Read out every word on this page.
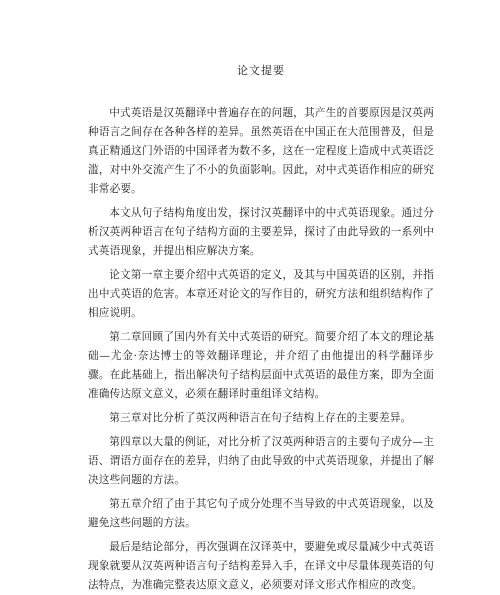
论文提要

中式英语是汉英翻译中普遍存在的问题，其产生的首要原因是汉英两种语言之间存在各种各样的差异。虽然英语在中国正在大范围普及，但是真正精通这门外语的中国译者为数不多，这在一定程度上造成中式英语泛滥，对中外交流产生了不小的负面影响。因此，对中式英语作相应的研究非常必要。

本文从句子结构角度出发，探讨汉英翻译中的中式英语现象。通过分析汉英两种语言在句子结构方面的主要差异，探讨了由此导致的一系列中式英语现象，并提出相应解决方案。

论文第一章主要介绍中式英语的定义，及其与中国英语的区别，并指出中式英语的危害。本章还对论文的写作目的，研究方法和组织结构作了相应说明。

第二章回顾了国内外有关中式英语的研究。简要介绍了本文的理论基础—尤金·奈达博士的等效翻译理论，并介绍了由他提出的科学翻译步骤。在此基础上，指出解决句子结构层面中式英语的最佳方案，即为全面准确传达原文意义，必须在翻译时重组译文结构。

第三章对比分析了英汉两种语言在句子结构上存在的主要差异。

第四章以大量的例证，对比分析了汉英两种语言的主要句子成分—主语、谓语方面存在的差异，归纳了由此导致的中式英语现象，并提出了解决这些问题的方法。

第五章介绍了由于其它句子成分处理不当导致的中式英语现象，以及避免这些问题的方法。

最后是结论部分，再次强调在汉译英中，要避免或尽量减少中式英语现象就要从汉英两种语言句子结构差异入手，在译文中尽量体现英语的句法特点，为准确完整表达原文意义，必须要对译文形式作相应的改变。
